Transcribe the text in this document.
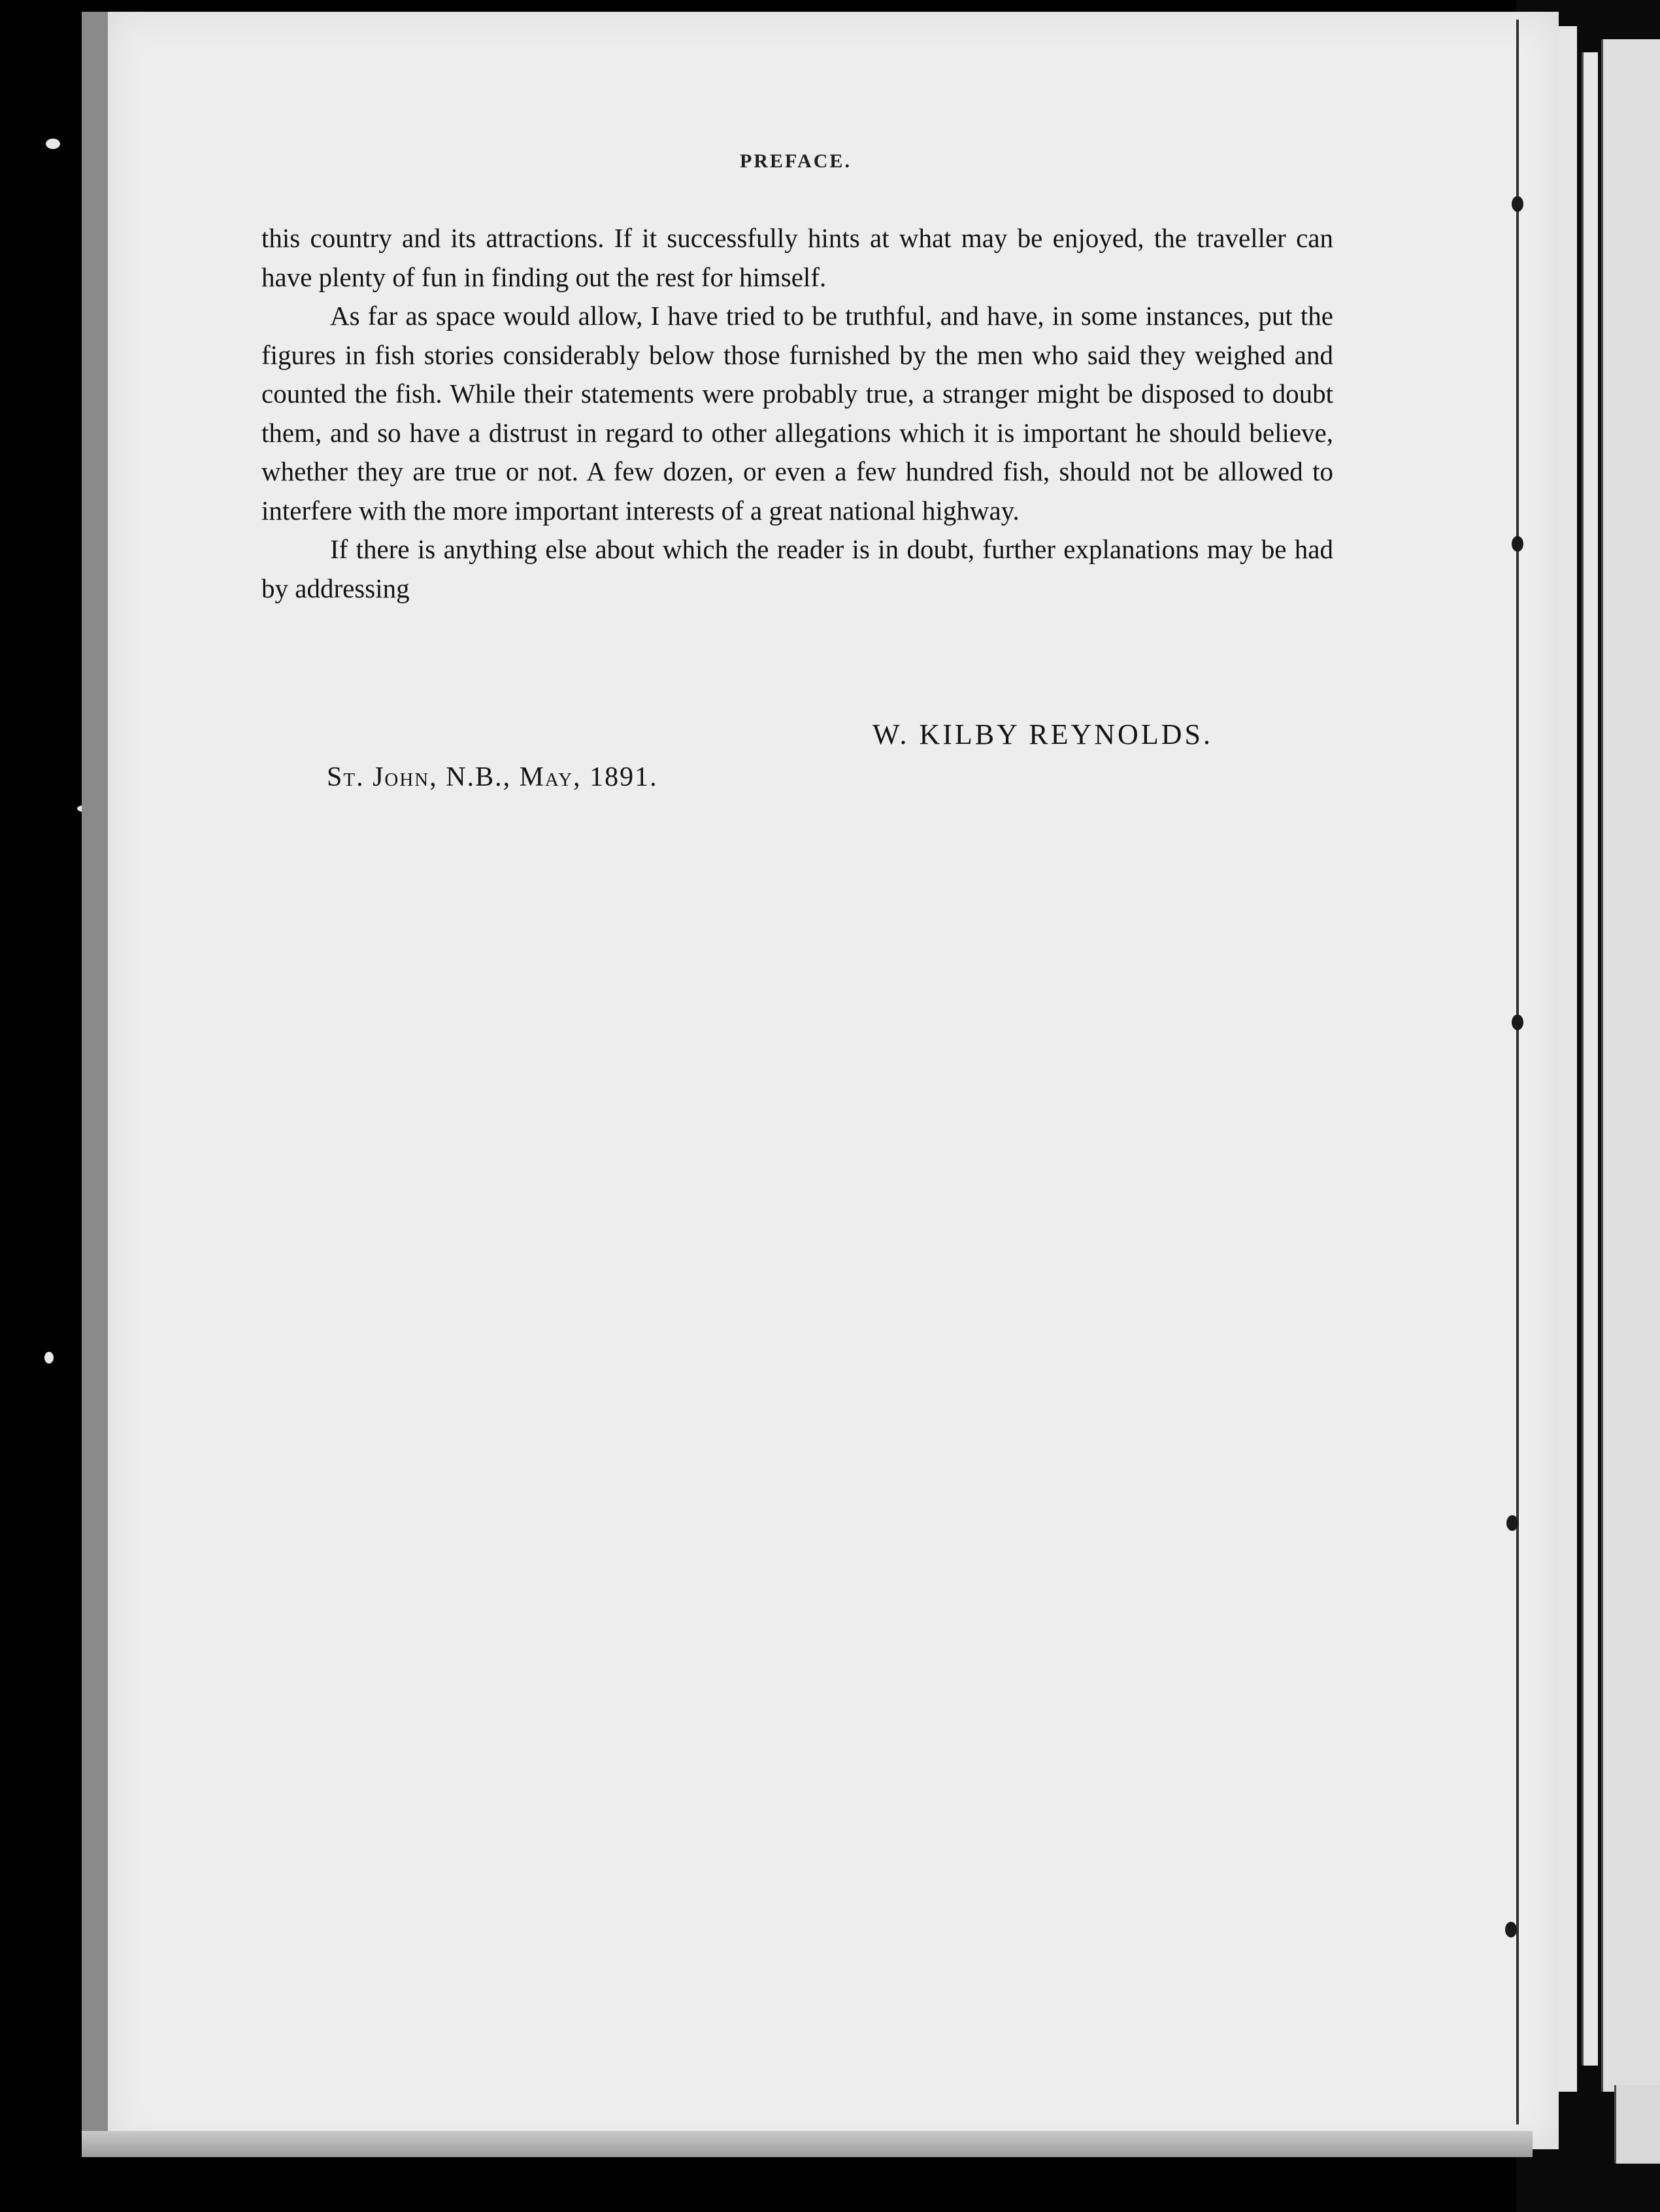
PREFACE.

this country and its attractions. If it successfully hints at what may be enjoyed, the traveller can have plenty of fun in finding out the rest for himself.

As far as space would allow, I have tried to be truthful, and have, in some instances, put the figures in fish stories considerably below those furnished by the men who said they weighed and counted the fish. While their statements were probably true, a stranger might be disposed to doubt them, and so have a distrust in regard to other allegations which it is important he should believe, whether they are true or not. A few dozen, or even a few hundred fish, should not be allowed to interfere with the more important interests of a great national highway.

If there is anything else about which the reader is in doubt, further explanations may be had by addressing

W. KILBY REYNOLDS.
St. John, N.B., May, 1891.
